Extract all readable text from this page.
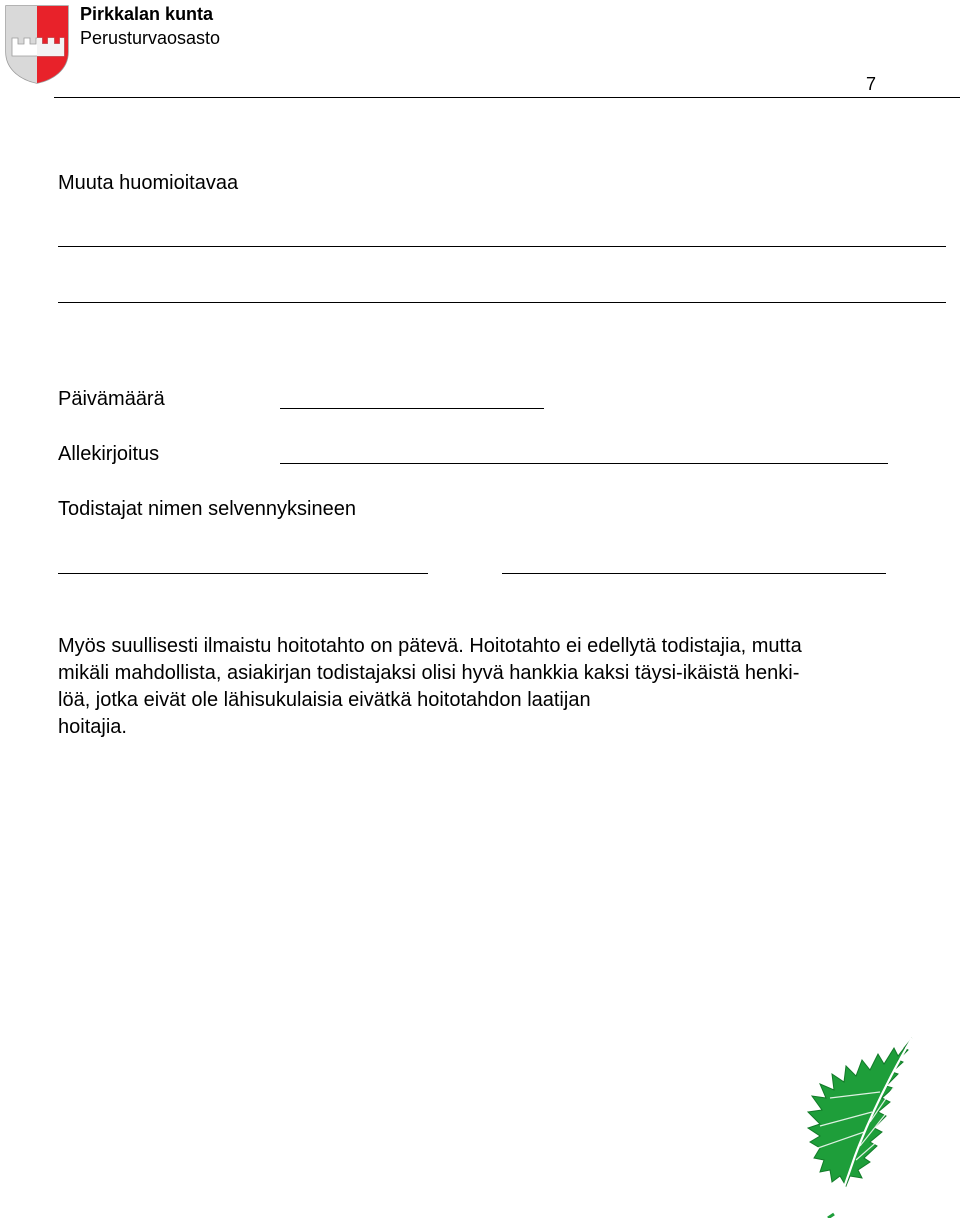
Pirkkalan kunta
Perusturvaosasto
7
Muuta huomioitavaa
Päivämäärä
Allekirjoitus
Todistajat nimen selvennyksineen
Myös suullisesti ilmaistu hoitotahto on pätevä. Hoitotahto ei edellytä todistajia, mutta
mikäli mahdollista, asiakirjan todistajaksi olisi hyvä hankkia kaksi täysi-ikäistä henki-
löä, jotka eivät ole lähisukulaisia eivätkä hoitotahdon laatijan
hoitajia.
